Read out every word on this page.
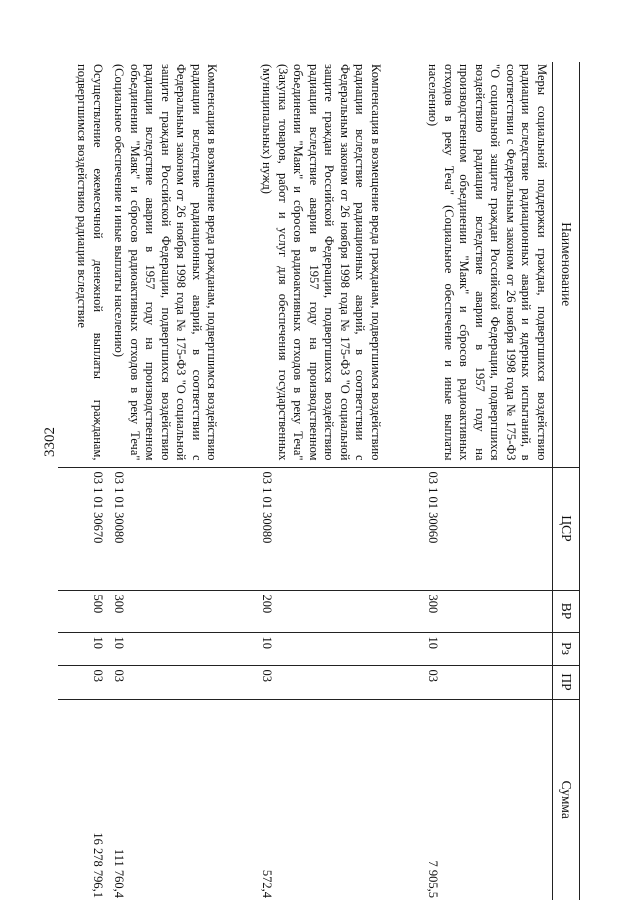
3302
Наименование	ЦСР	ВР	Рз	ПР	Сумма
Меры социальной поддержки граждан, подвергшихся воздействию радиации вследствие радиационных аварий и ядерных испытаний, в соответствии с Федеральным законом от 26 ноября 1998 года № 175-ФЗ "О социальной защите граждан Российской Федерации, подвергшихся воздействию радиации вследствие аварии в 1957 году на производственном объединении "Маяк" и сбросов радиоактивных отходов в реку Теча" (Социальное обеспечение и иные выплаты населению)	03 1 01 30060	300	10	03	7 905,5
Компенсация в возмещение вреда гражданам, подвергшимся воздействию радиации вследствие радиационных аварий, в соответствии с Федеральным законом от 26 ноября 1998 года № 175-ФЗ "О социальной защите граждан Российской Федерации, подвергшихся воздействию радиации вследствие аварии в 1957 году на производственном объединении "Маяк" и сбросов радиоактивных отходов в реку Теча" (Закупка товаров, работ и услуг для обеспечения государственных (муниципальных) нужд)	03 1 01 30080	200	10	03	572,4
Компенсация в возмещение вреда гражданам, подвергшимся воздействию радиации вследствие радиационных аварий, в соответствии с Федеральным законом от 26 ноября 1998 года № 175-ФЗ "О социальной защите граждан Российской Федерации, подвергшихся воздействию радиации вследствие аварии в 1957 году на производственном объединении "Маяк" и сбросов радиоактивных отходов в реку Теча" (Социальное обеспечение и иные выплаты населению)	03 1 01 30080	300	10	03	111 760,4
Осуществление ежемесячной денежной выплаты гражданам, подвергшимся воздействию радиации вследствие	03 1 01 30670	500	10	03	16 278 796,1
